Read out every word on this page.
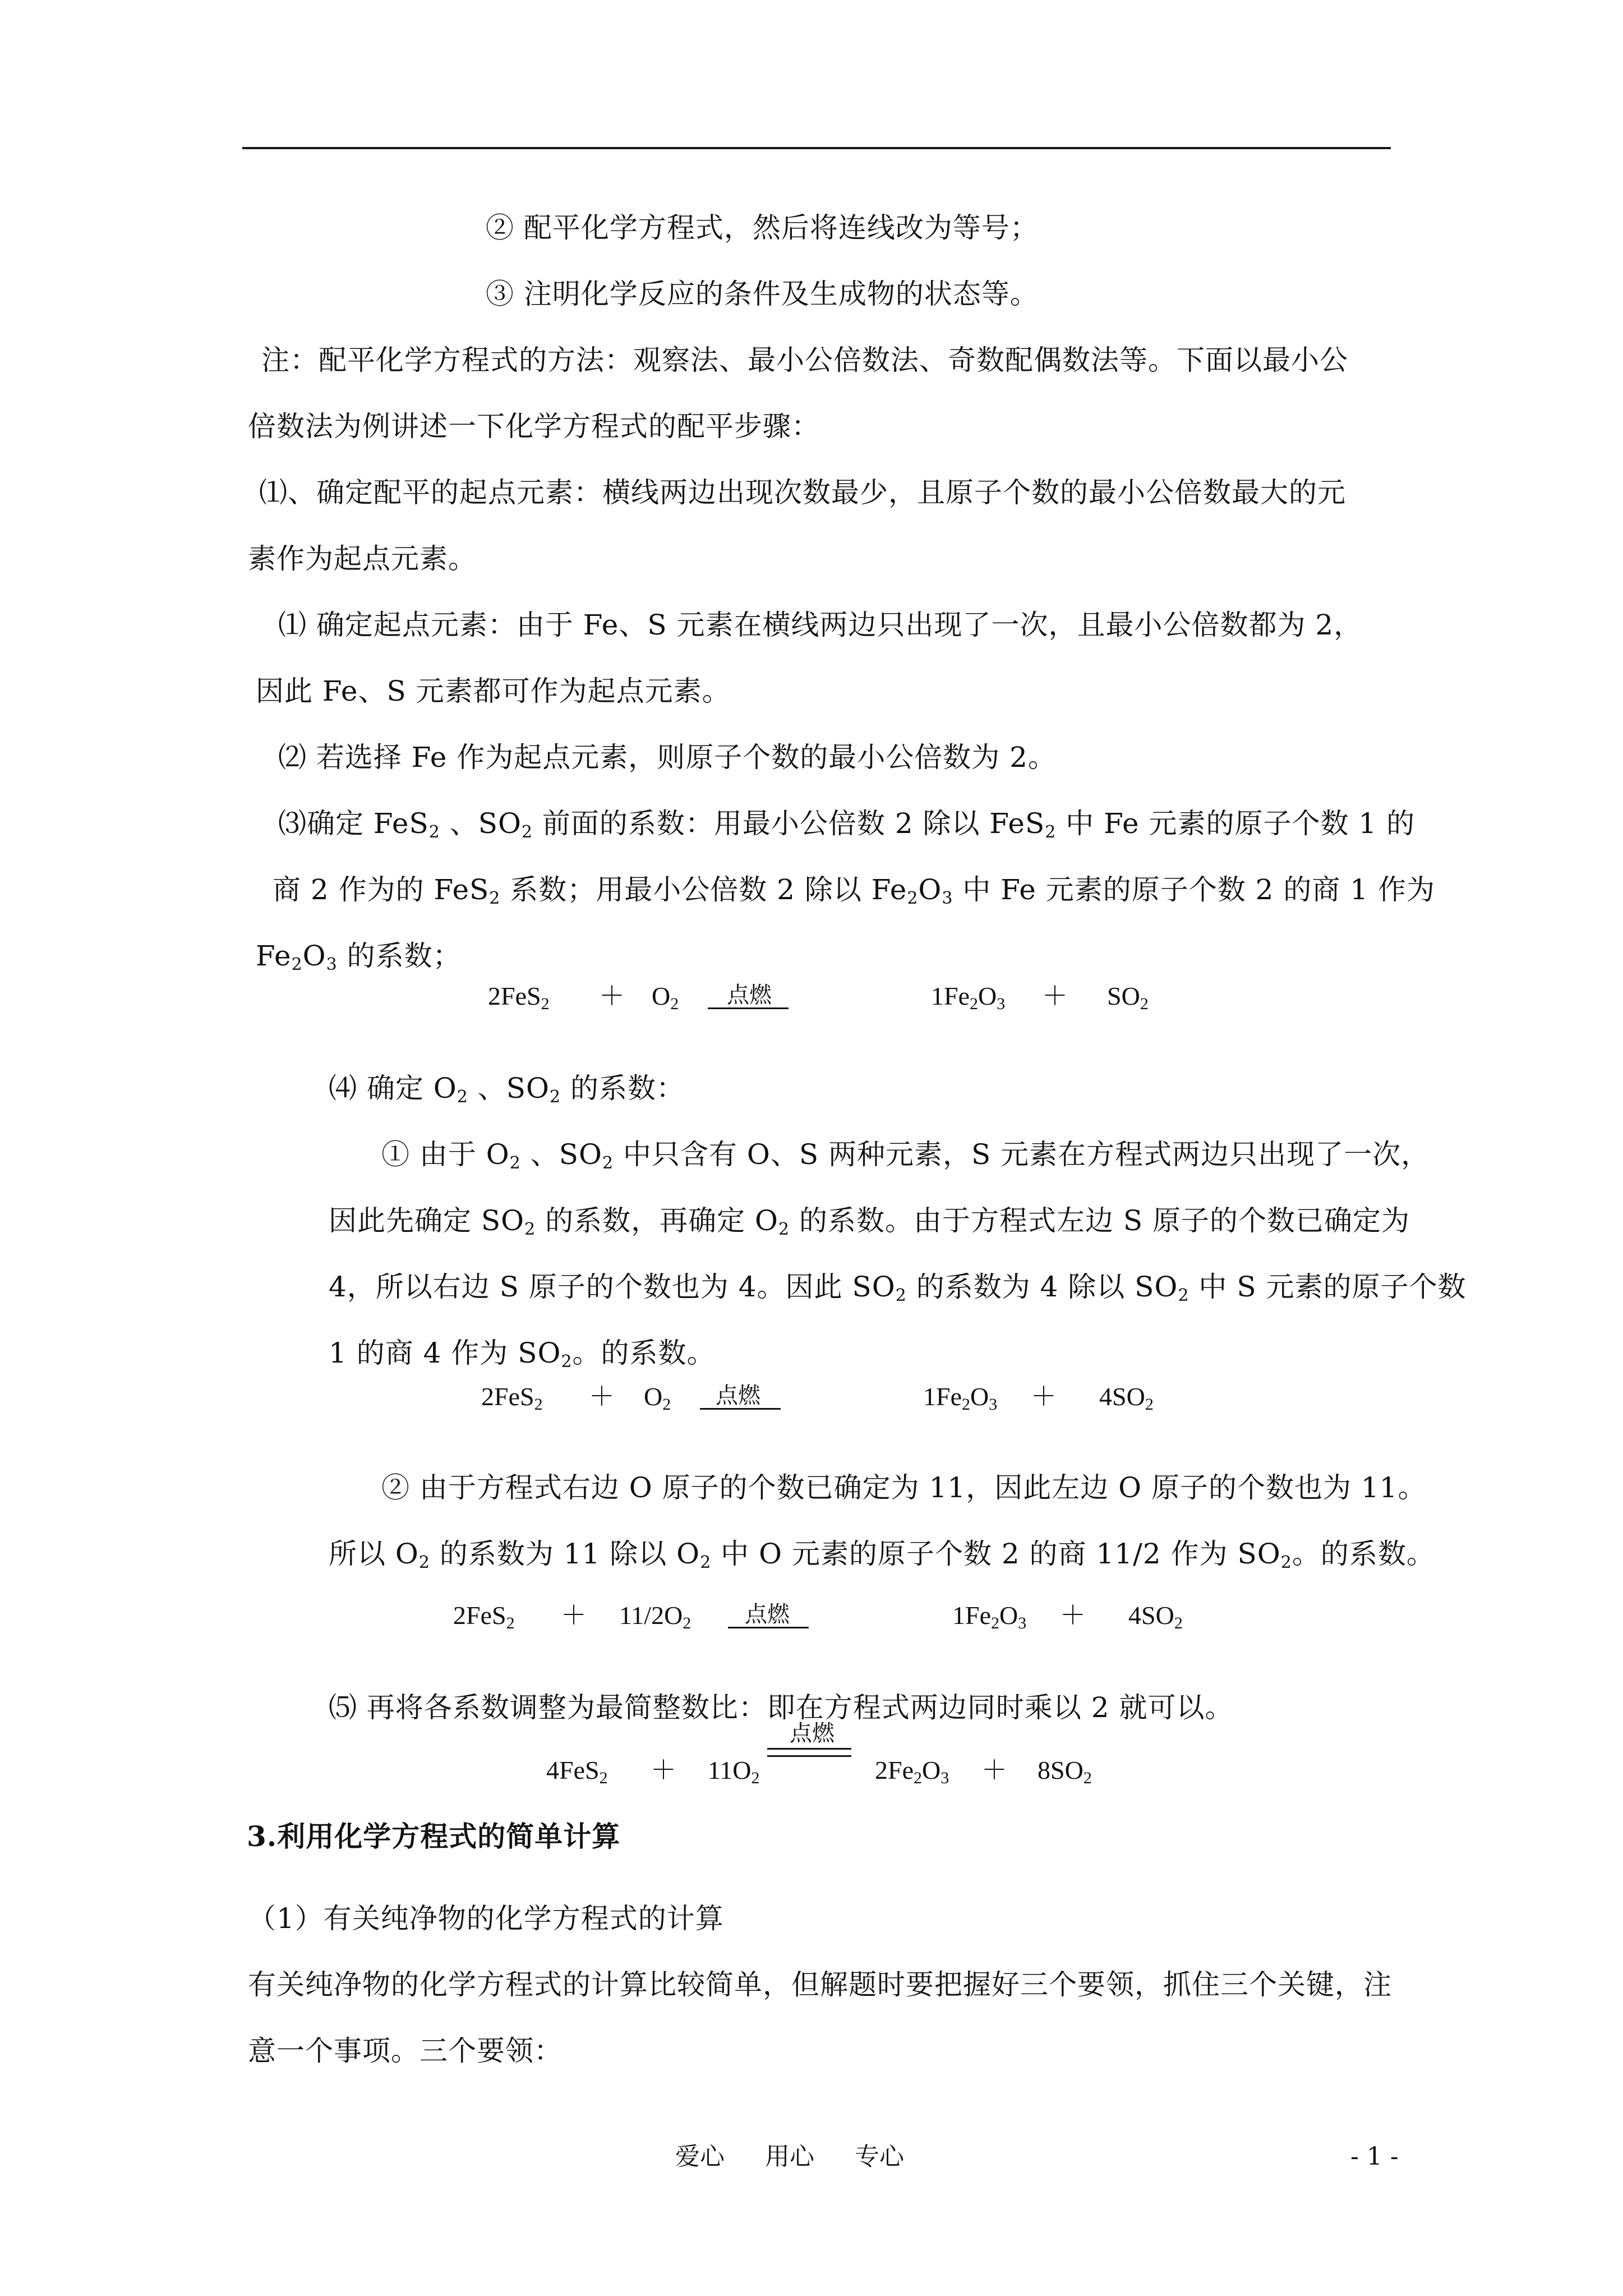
② 配平化学方程式，然后将连线改为等号；
③ 注明化学反应的条件及生成物的状态等。
注：配平化学方程式的方法：观察法、最小公倍数法、奇数配偶数法等。下面以最小公
倍数法为例讲述一下化学方程式的配平步骤：
⑴、确定配平的起点元素：横线两边出现次数最少，且原子个数的最小公倍数最大的元
素作为起点元素。
⑴ 确定起点元素：由于 Fe、S 元素在横线两边只出现了一次，且最小公倍数都为 2，
因此 Fe、S 元素都可作为起点元素。
⑵ 若选择 Fe 作为起点元素，则原子个数的最小公倍数为 2。
⑶确定 FeS$_2$ 、$SO_2$ 前面的系数：用最小公倍数 2 除以 FeS$_2$ 中 Fe 元素的原子个数 1 的
商 2 作为的 FeS$_2$ 系数；用最小公倍数 2 除以 $Fe_2O_3$ 中 Fe 元素的原子个数 2 的商 1 作为
$Fe_2O_3$ 的系数；
$2FeS_2 + O_2$ 点燃	$1Fe_2O_3 + SO_2$
⑷ 确定 $O_2$ 、$SO_2$ 的系数：
① 由于 $O_2$ 、$SO_2$ 中只含有 O、S 两种元素，S 元素在方程式两边只出现了一次，
因此先确定 $SO_2$ 的系数，再确定 $O_2$ 的系数。由于方程式左边 S 原子的个数已确定为
4，所以右边 S 原子的个数也为 4。因此 $SO_2$ 的系数为 4 除以 $SO_2$ 中 S 元素的原子个数
1 的商 4 作为 $SO_2$。的系数。
$2FeS_2 + O_2$ 点燃	$1Fe_2O_3 + 4SO_2$
② 由于方程式右边 O 原子的个数已确定为 11，因此左边 O 原子的个数也为 11。
所以 $O_2$ 的系数为 11 除以 $O_2$ 中 O 元素的原子个数 2 的商 11/2 作为 $SO_2$。的系数。
$2FeS_2 + 11/2O_2$ 点燃	$1Fe_2O_3 + 4SO_2$
⑸ 再将各系数调整为最简整数比：即在方程式两边同时乘以 2 就可以。
点燃
$4FeS_2 + 11O_2$	$2Fe_2O_3 + 8SO_2$
3.利用化学方程式的简单计算
（1）有关纯净物的化学方程式的计算
有关纯净物的化学方程式的计算比较简单，但解题时要把握好三个要领，抓住三个关键，注
意一个事项。三个要领：
爱心 　 用心 　 专心	- 1 -
